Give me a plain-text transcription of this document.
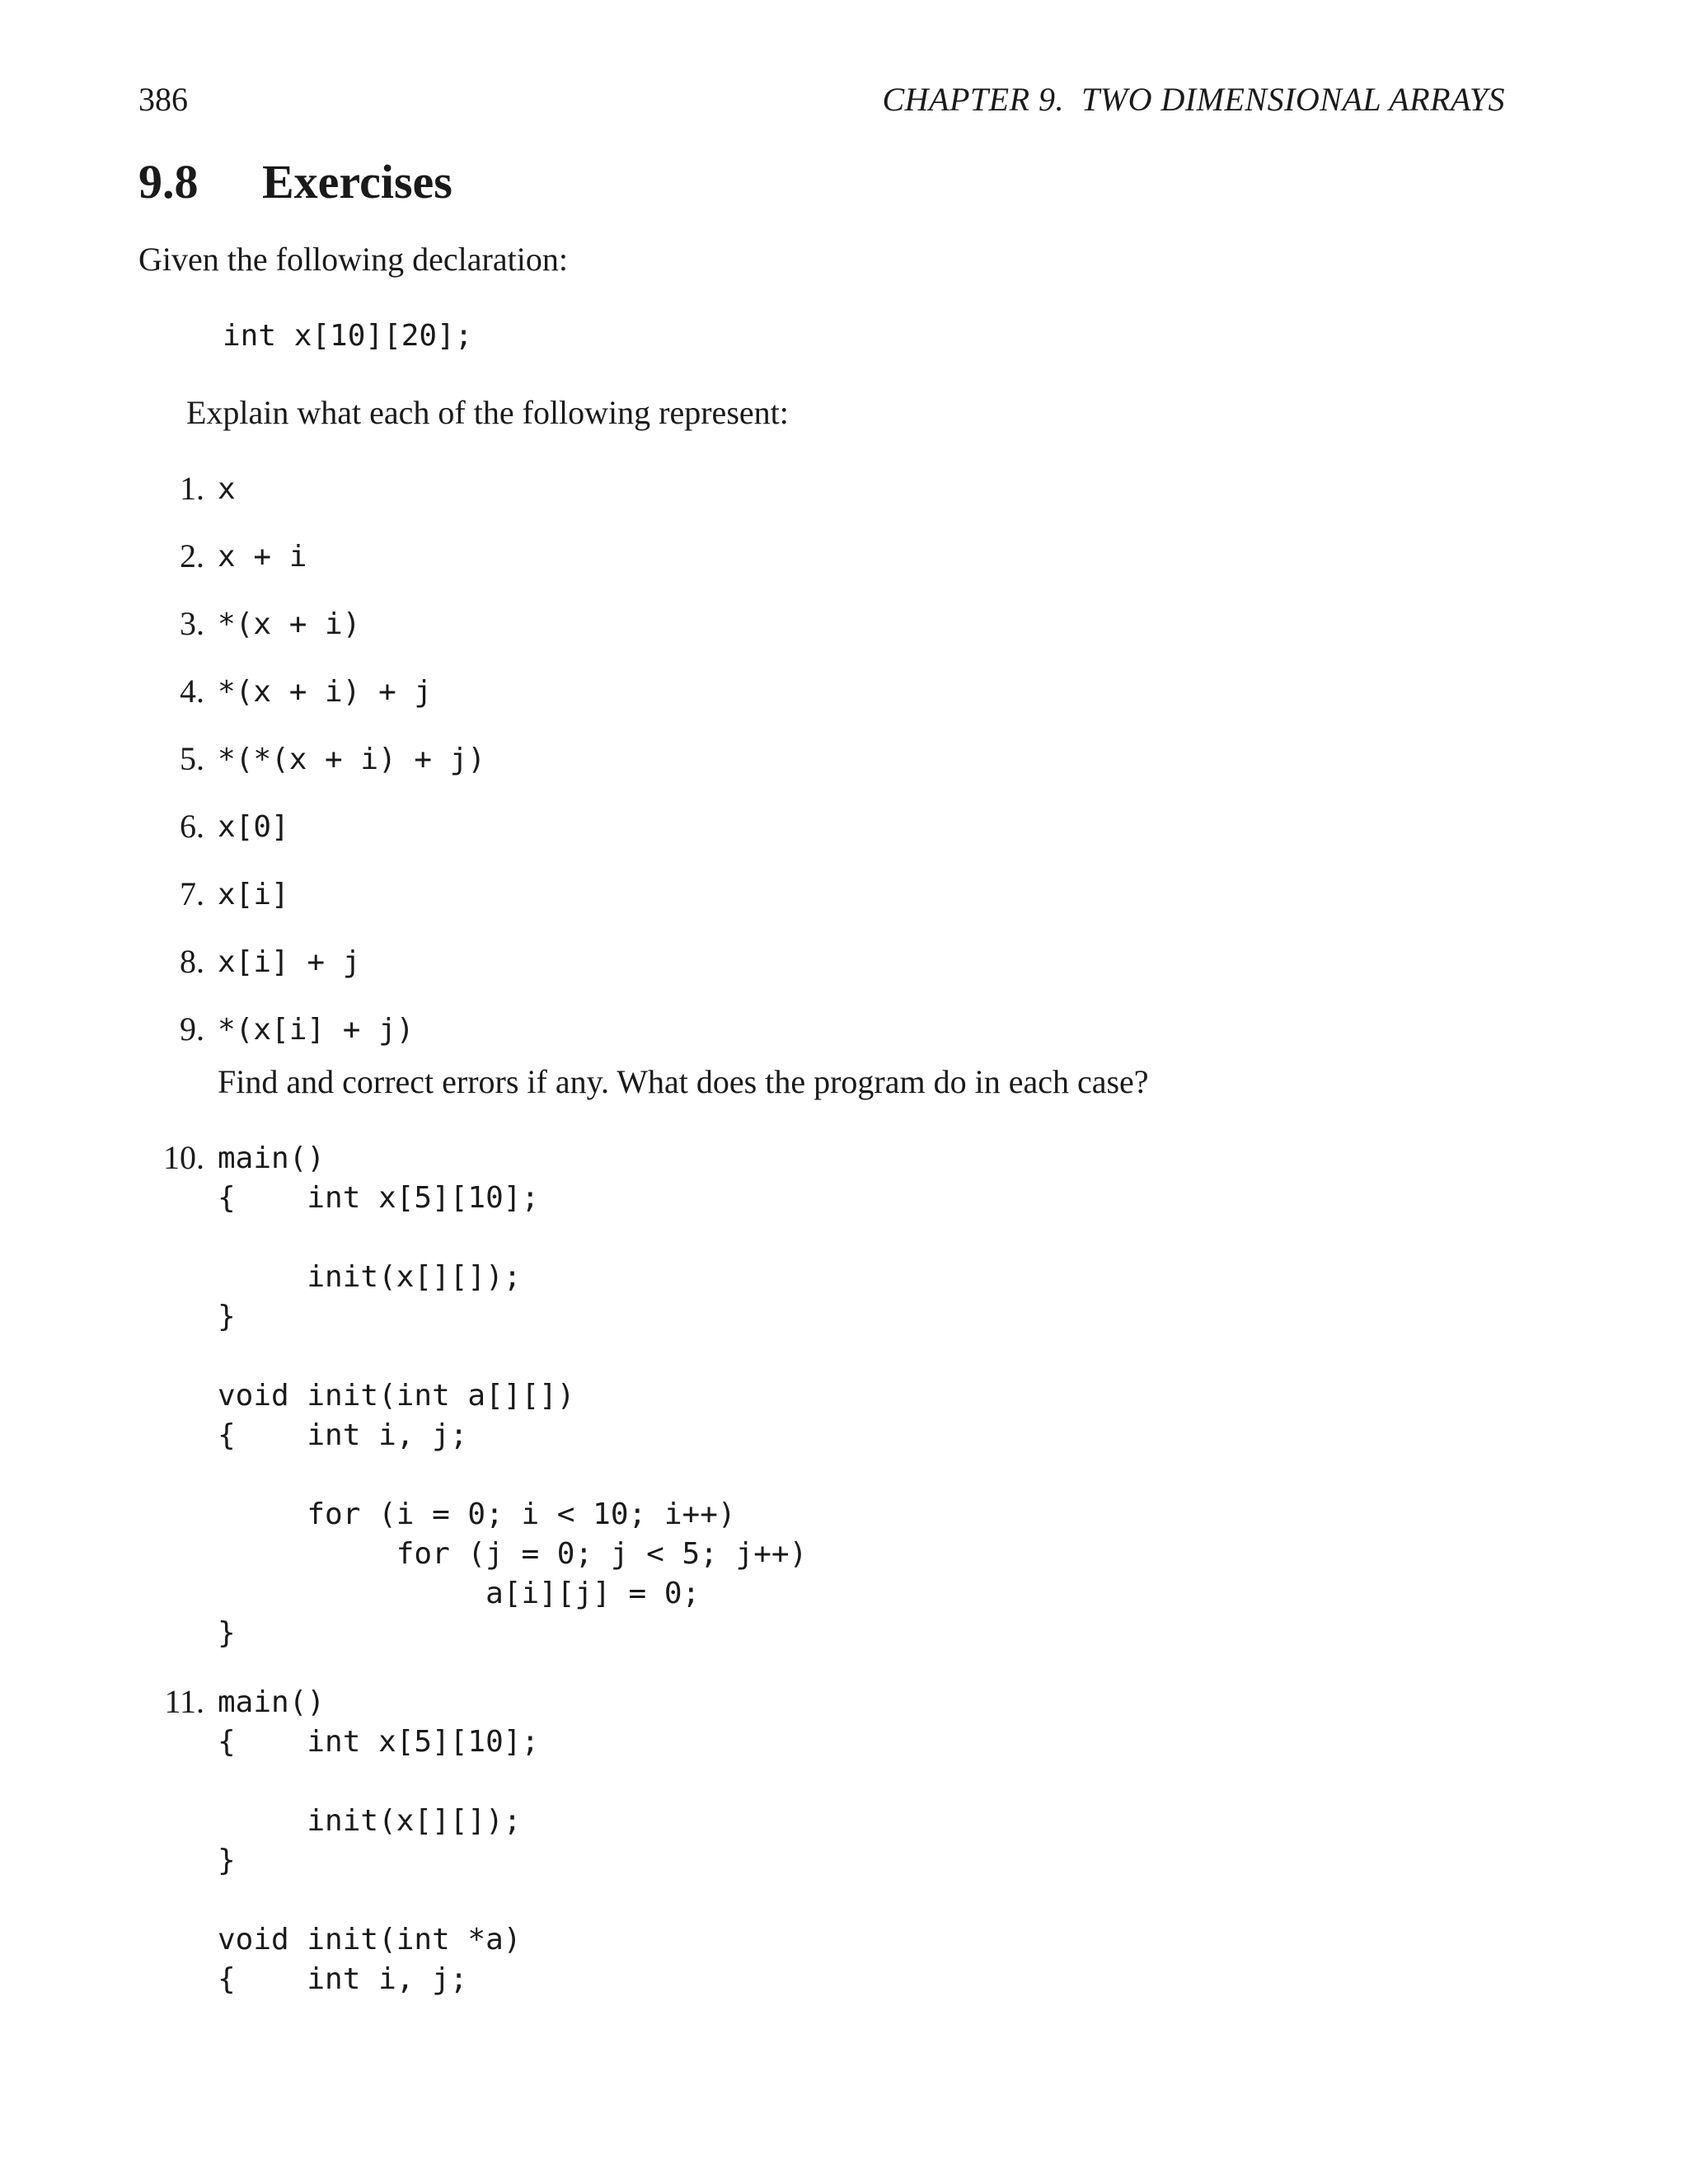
386	CHAPTER 9.  TWO DIMENSIONAL ARRAYS
9.8 Exercises
Given the following declaration:
int x[10][20];
Explain what each of the following represent:
1. x
2. x + i
3. *(x + i)
4. *(x + i) + j
5. *(*(x + i) + j)
6. x[0]
7. x[i]
8. x[i] + j
9. *(x[i] + j)
Find and correct errors if any. What does the program do in each case?
10. main()
{    int x[5][10];
init(x[][]);
}
void init(int a[][])
{    int i, j;
for (i = 0; i < 10; i++)
for (j = 0; j < 5; j++)
a[i][j] = 0;
}
11. main()
{    int x[5][10];
init(x[][]);
}
void init(int *a)
{    int i, j;
